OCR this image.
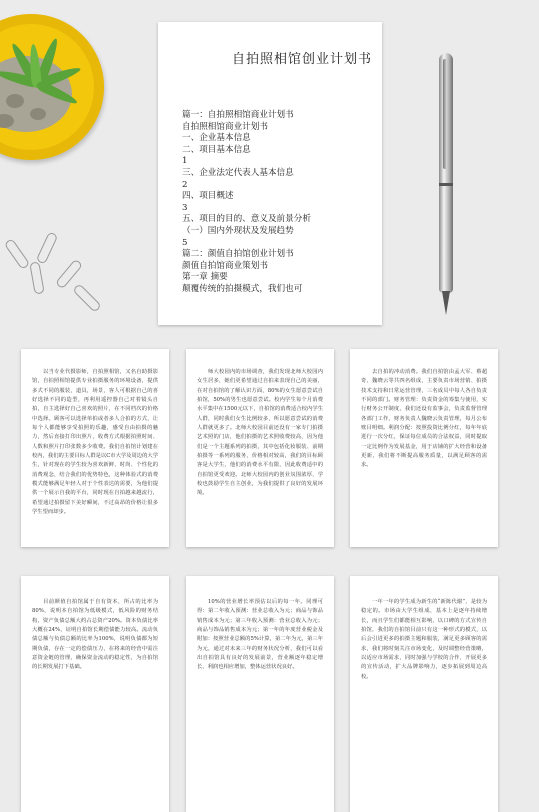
自拍照相馆创业计划书
篇一：自拍照相馆商业计划书
自拍照相馆商业计划书
一、企业基本信息
二、项目基本信息
1
三、企业法定代表人基本信息
2
四、项目概述
3
五、项目的目的、意义及前景分析
（一）国内外现状及发展趋势
5
篇二：颜值自拍馆创业计划书
颜值自拍馆商业策划书
第一章 摘要
颠覆传统的拍摄模式，我们也可
以当专业代摄影师，自拍照相馆，又名自助摄影馆，自拍照相馆提供专业拍摄服务的环境设备，提供多式不同的服装，道具，场景，客人可根据自己的喜好选择不同的造型，再利用遥控器自己对着镜头自拍，自主选择好自己喜欢的照片，在不同档次的价格中选择。顾客可以选择单拍或者多人合拍的方式，让每个人都能够享受拍照的乐趣，感受自由拍摄的魅力，然后直接打印出照片，收费方式根据拍照时间、人数和照片打印张数多少收费。我们自拍馆计划建在校内，我们的主要目标人群是以C市大学及周边的大学生，针对现在的学生较为喜欢新鲜、时尚、个性化的消费观念，结合我们的优势特色，这种体验式的消费模式能够满足年轻人对于个性表达的需要，为他们提供一个展示自我的平台，同时现在自拍越来越流行，希望通过拍摄留下美好瞬间，不过高昂的价格让很多学生望而却步。
师大校园内的市场调查，我们发现北师大校园内女生居多，她们更希望通过自拍来表现自己的美丽，在对自拍馆的了解认识方面，80%的女生愿意尝试自拍馆，50%的男生也愿意尝试。校内学生每个月消费水平集中在1500元以下，自拍馆的消费适合校内学生人群，同时我们女生比例较多，所以愿意尝试的消费人群就更多了。北师大校园目前还没有一家专门拍摄艺术照的门店，他们拍摄的艺术照收费较高，因为他们是一个主题系列的拍摄，其中包括化妆服装、前期拍摄等一系列的服务，价格相对较高，我们的目标顾客是大学生，他们的消费水平有限，因此收费适中的自拍馆更受欢迎。北师大校园内的创业氛围浓厚，学校也鼓励学生自主创业，为我们提供了良好的发展环境。
去自拍的冲动消费。我们自拍馆由孟大军、蔡超奇、魏晓云等共四名组成，主要负责市场营销、拍摄技术支持和日常运营管理，三名成员中每人各自负责不同的部门。财务管理：负责资金的筹集与使用，实行财务公开制度，我们还设有监事会，负责监督管理各部门工作，财务负责人魏晓云负责管理，每月公布账目明细。利润分配：按照投资比例分红，每年年底进行一次分红，保证每位成员的合法权益，同时提取一定比例作为发展基金，用于店铺的扩大经营和设备更新，我们将不断提高服务质量，以满足顾客的需求。
目前颜值自拍馆属于自有资本，所占的比率为80%，说明本自拍馆为低级模式，低风险的财务结构，资产负债总额大约占总资产20%。资本负债比率大概在24%，证明自拍馆长期偿债能力较高。流动负债总额与负债总额的比率为100%，说明负债都为短期负债，存在一定的偿债压力，在将来的经营中需注意资金链的管理，确保资金流动的稳定性，为自拍馆的长期发展打下基础。
10%的营业增长率预估以后的每一年。同理可得：第二年收入预测：营业总收入为元；商品与饰品销售成本为元；第三年收入预测：营业总收入为元；商品与饰品销售成本为元；第一年的年度营业税金及附加：按照营业总额的5%计算，第二年为元，第三年为元，通过对未来三年的财务状况分析，我们可以看出自拍馆具有良好的发展前景，营业额逐年稳定增长，利润也相应增加，整体运营状况良好。
一年一年的学生成为新生的“新陈代谢”，是较为稳定的。市场由大学生组成，基本上是逐年持续增长，而且学生们都能相互影响，以口碑的方式宣传自拍馆，我们的自拍馆目前只有这一种形式的模式，以后会引进更多的拍摄主题和服装，满足更多顾客的需求，我们将时刻关注市场变化，及时调整经营策略，以适应市场需求，同时加强与学校的合作，开展更多的宣传活动，扩大品牌影响力，逐步拓展到周边高校。
